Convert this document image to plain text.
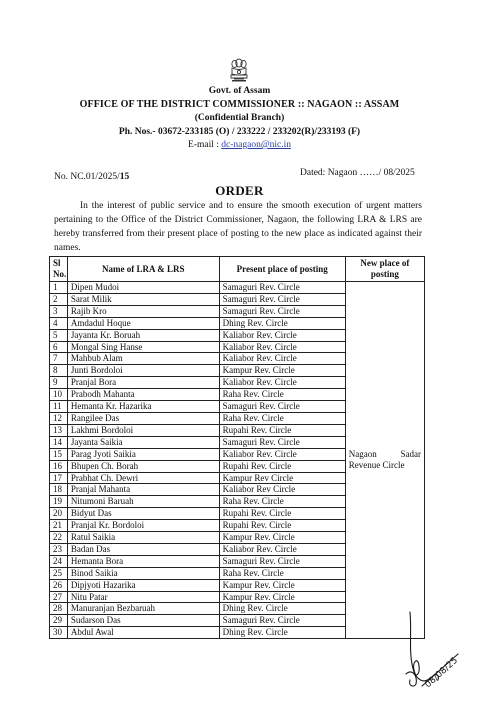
Govt. of Assam
OFFICE OF THE DISTRICT COMMISSIONER :: NAGAON :: ASSAM
(Confidential Branch)
Ph. Nos.- 03672-233185 (O) / 233222 / 233202(R)/233193 (F)
E-mail : dc-nagaon@nic.in
No. NC.01/2025/15	Dated: Nagaon ……/ 08/2025
ORDER
In the interest of public service and to ensure the smooth execution of urgent matters pertaining to the Office of the District Commissioner, Nagaon, the following LRA & LRS are hereby transferred from their present place of posting to the new place as indicated against their names.
Sl
No.	Name of LRA & LRS	Present place of posting	New place of
posting
1	Dipen Mudoi	Samaguri Rev. Circle	Nagaon Sadar
Revenue Circle

2	Sarat Milik	Samaguri Rev. Circle	
3	Rajib Kro	Samaguri Rev. Circle	
4	Amdadul Hoque	Dhing Rev. Circle	
5	Jayanta Kr. Boruah	Kaliabor Rev. Circle	
6	Mongal Sing Hanse	Kaliabor Rev. Circle	
7	Mahbub Alam	Kaliabor Rev. Circle	
8	Junti Bordoloi	Kampur Rev. Circle	
9	Pranjal Bora	Kaliabor Rev. Circle	
10	Prabodh Mahanta	Raha Rev. Circle	
11	Hemanta Kr. Hazarika	Samaguri Rev. Circle	
12	Rangilee Das	Raha Rev. Circle	
13	Lakhmi Bordoloi	Rupahi Rev. Circle	
14	Jayanta Saikia	Samaguri Rev. Circle	
15	Parag Jyoti Saikia	Kaliabor Rev. Circle	
16	Bhupen Ch. Borah	Rupahi Rev. Circle	
17	Prabhat Ch. Dewri	Kampur Rev Circle	
18	Pranjal Mahanta	Kaliabor Rev Circle	
19	Nitumoni Baruah	Raha Rev. Circle	
20	Bidyut Das	Rupahi Rev. Circle	
21	Pranjal Kr. Bordoloi	Rupahi Rev. Circle	
22	Ratul Saikia	Kampur Rev. Circle	
23	Badan Das	Kaliabor Rev. Circle	
24	Hemanta Bora	Samaguri Rev. Circle	
25	Binod Saikia	Raha Rev. Circle	
26	Dipjyoti Hazarika	Kampur Rev. Circle	
27	Nitu Patar	Kampur Rev. Circle	
28	Manuranjan Bezbaruah	Dhing Rev. Circle	
29	Sudarson Das	Samaguri Rev. Circle	
30	Abdul Awal	Dhing Rev. Circle	
08/08/25
